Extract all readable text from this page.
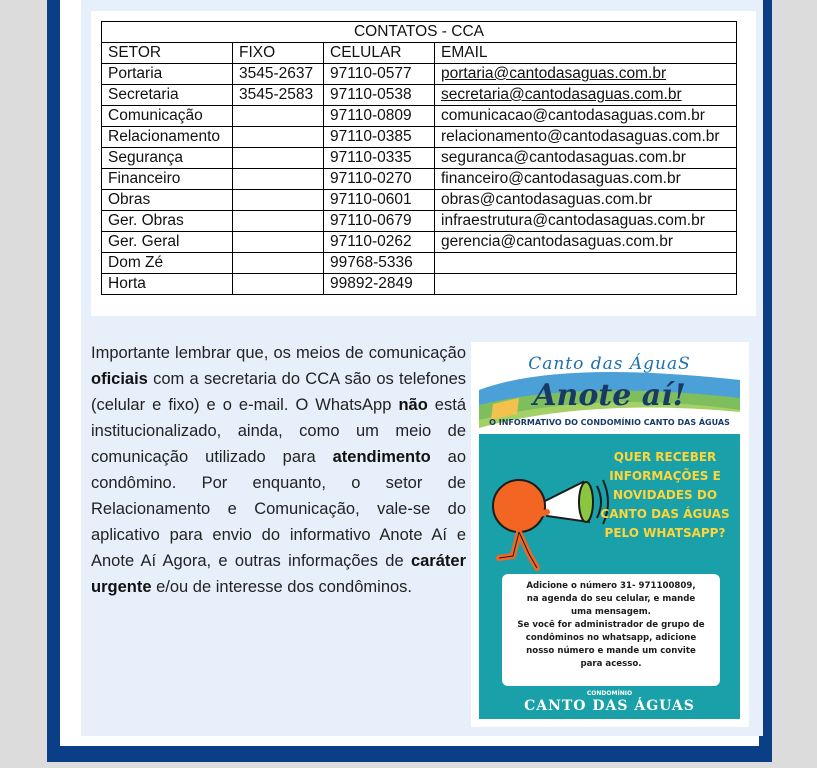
CONTATOS - CCA			
SETOR	FIXO	CELULAR	EMAIL
Portaria	3545-2637	97110-0577	portaria@cantodasaguas.com.br
Secretaria	3545-2583	97110-0538	secretaria@cantodasaguas.com.br
Comunicação		97110-0809	comunicacao@cantodasaguas.com.br
Relacionamento		97110-0385	relacionamento@cantodasaguas.com.br
Segurança		97110-0335	seguranca@cantodasaguas.com.br
Financeiro		97110-0270	financeiro@cantodasaguas.com.br
Obras		97110-0601	obras@cantodasaguas.com.br
Ger. Obras		97110-0679	infraestrutura@cantodasaguas.com.br
Ger. Geral		97110-0262	gerencia@cantodasaguas.com.br
Dom Zé		99768-5336	
Horta		99892-2849	
Importante lembrar que, os meios de comunicação oficiais com a secretaria do CCA são os telefones (celular e fixo) e o e-mail. O WhatsApp não está institucionalizado, ainda, como um meio de comunicação utilizado para atendimento ao condômino. Por enquanto, o setor de Relacionamento e Comunicação, vale-se do aplicativo para envio do informativo Anote Aí e Anote Aí Agora, e outras informações de caráter urgente e/ou de interesse dos condôminos.
Canto das ÁguaS
Anote aí!
O INFORMATIVO DO CONDOMÍNIO CANTO DAS ÁGUAS
QUER RECEBER INFORMAÇÕES E NOVIDADES DO CANTO DAS ÁGUAS PELO WHATSAPP?
Adicione o número 31- 971100809,
na agenda do seu celular, e mande
uma mensagem.
Se você for administrador de grupo de
condôminos no whatsapp, adicione
nosso número e mande um convite
para acesso.
CONDOMÍNIO
CANTO DAS ÁGUAS
